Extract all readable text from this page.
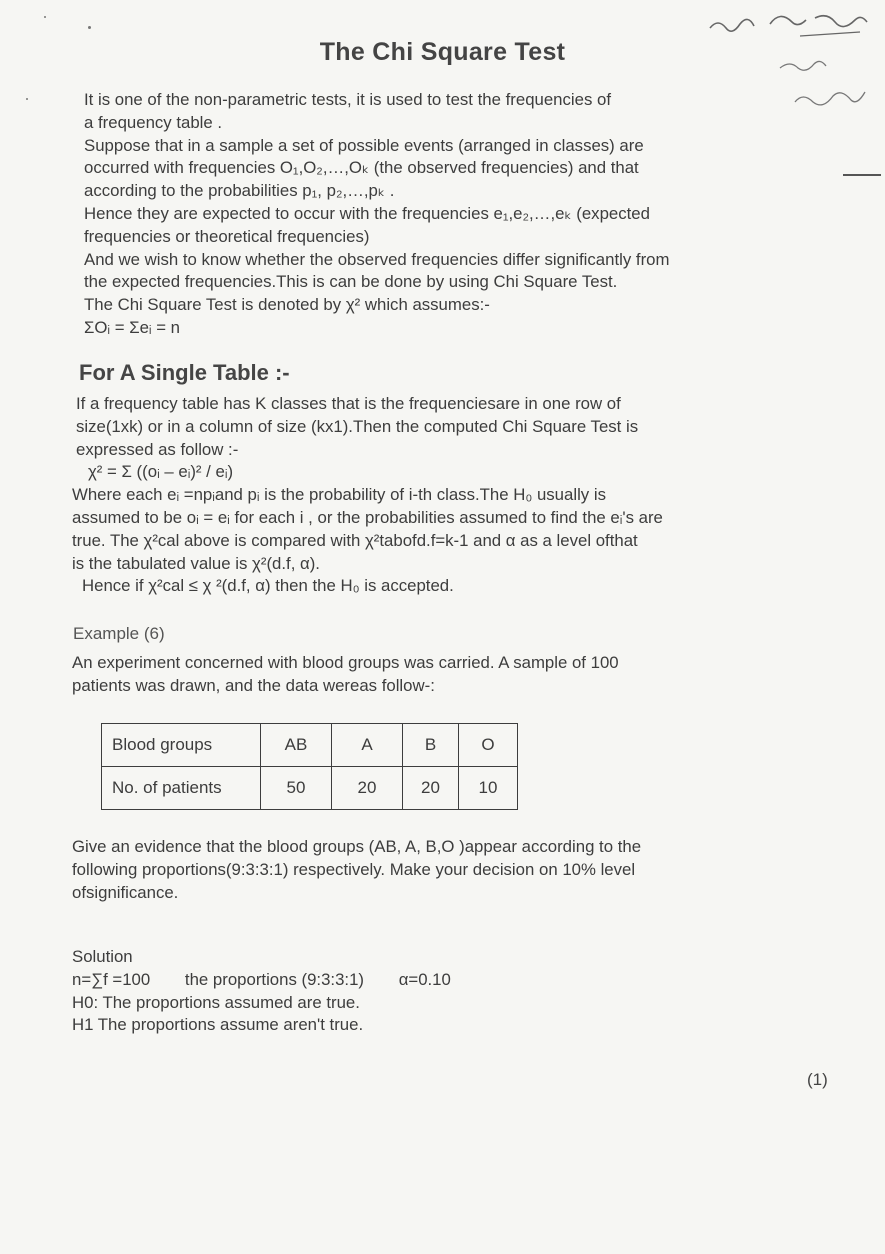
The Chi Square Test

It is one of the non-parametric tests, it is used to test the frequencies of

a frequency table .

Suppose that in a sample a set of possible events (arranged in classes) are

occurred with frequencies O₁,O₂,…,Oₖ (the observed frequencies) and that

according to the probabilities p₁, p₂,…,pₖ .

Hence they are expected to occur with the frequencies e₁,e₂,…,eₖ (expected

frequencies or theoretical frequencies)

And we wish to know whether the observed frequencies differ significantly from

the expected frequencies.This is can be done by using Chi Square Test.

The Chi Square Test is denoted by χ² which assumes:-

ΣOᵢ = Σeᵢ = n

For A Single Table :-

If a frequency table has K classes that is the frequenciesare in one row of

size(1xk) or in a column of size (kx1).Then the computed Chi Square Test is

expressed as follow :-

χ² = Σ ((oᵢ – eᵢ)² / eᵢ)

Where each eᵢ =npᵢand pᵢ is the probability of i-th class.The H₀ usually is

assumed to be oᵢ = eᵢ for each i , or the probabilities assumed to find the eᵢ's are

true. The χ²cal above is compared with χ²tabofd.f=k-1 and α as a level ofthat

is the tabulated value is χ²(d.f, α).

Hence if χ²cal ≤ χ ²(d.f, α) then the H₀ is accepted.

Example (6)

An experiment concerned with blood groups was carried. A sample of 100

patients was drawn, and the data wereas follow-:

Blood groups	AB	A	B	O
No. of patients	50	20	20	10

Give an evidence that the blood groups (AB, A, B,O )appear according to the

following proportions(9:3:3:1) respectively. Make your decision on 10% level

ofsignificance.

Solution

n=∑f =100 the proportions (9:3:3:1) α=0.10

H0: The proportions assumed are true.

H1 The proportions assume aren't true.

(1)
